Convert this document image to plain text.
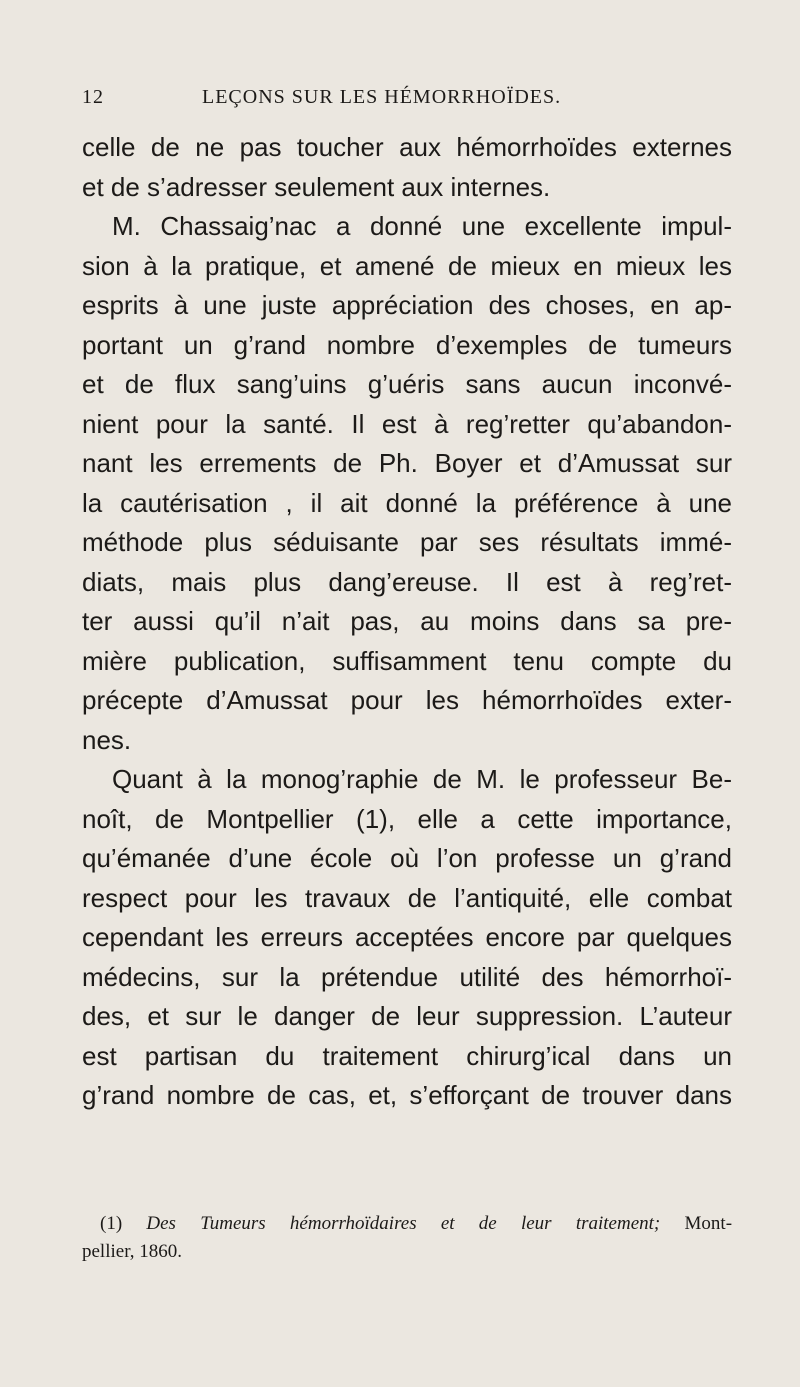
12	LEÇONS SUR LES HÉMORRHOÏDES.
celle de ne pas toucher aux hémorrhoïdes externes
et de s’adresser seulement aux internes.
M. Chassaig’nac a donné une excellente impul-
sion à la pratique, et amené de mieux en mieux les
esprits à une juste appréciation des choses, en ap-
portant un g’rand nombre d’exemples de tumeurs
et de flux sang’uins g’uéris sans aucun inconvé-
nient pour la santé. Il est à reg’retter qu’abandon-
nant les errements de Ph. Boyer et d’Amussat sur
la cautérisation , il ait donné la préférence à une
méthode plus séduisante par ses résultats immé-
diats, mais plus dang’ereuse. Il est à reg’ret-
ter aussi qu’il n’ait pas, au moins dans sa pre-
mière publication, suffisamment tenu compte du
précepte d’Amussat pour les hémorrhoïdes exter-
nes.
Quant à la monog’raphie de M. le professeur Be-
noît, de Montpellier (1), elle a cette importance,
qu’émanée d’une école où l’on professe un g’rand
respect pour les travaux de l’antiquité, elle combat
cependant les erreurs acceptées encore par quelques
médecins, sur la prétendue utilité des hémorrhoï-
des, et sur le danger de leur suppression. L’auteur
est partisan du traitement chirurg’ical dans un
g’rand nombre de cas, et, s’efforçant de trouver dans
(1) Des Tumeurs hémorrhoïdaires et de leur traitement; Mont-
pellier, 1860.
